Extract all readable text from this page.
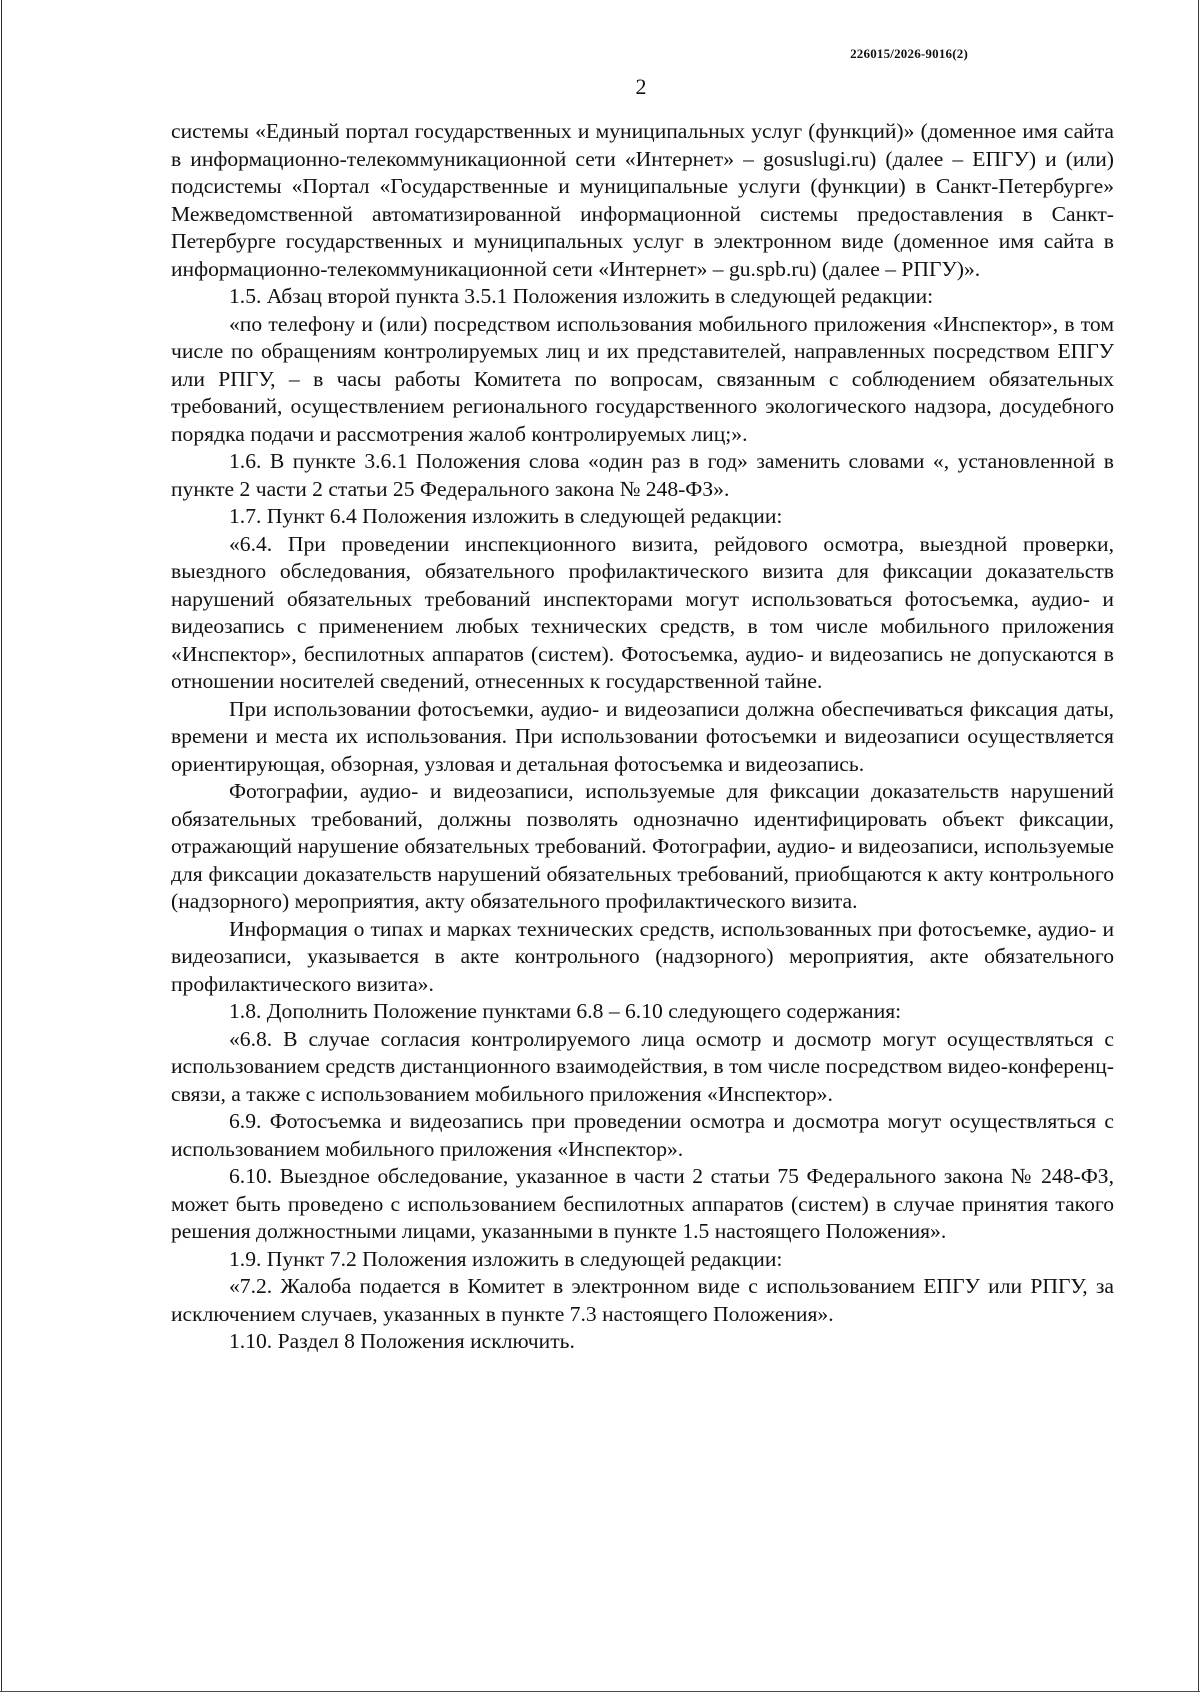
226015/2026-9016(2)
2

системы «Единый портал государственных и муниципальных услуг (функций)» (доменное имя сайта в информационно-телекоммуникационной сети «Интернет» – gosuslugi.ru) (далее – ЕПГУ) и (или) подсистемы «Портал «Государственные и муниципальные услуги (функции) в Санкт-Петербурге» Межведомственной автоматизированной информационной системы предоставления в Санкт-Петербурге государственных и муниципальных услуг в электронном виде (доменное имя сайта в информационно-телекоммуникационной сети «Интернет» – gu.spb.ru) (далее – РПГУ)».

1.5. Абзац второй пункта 3.5.1 Положения изложить в следующей редакции:

«по телефону и (или) посредством использования мобильного приложения «Инспектор», в том числе по обращениям контролируемых лиц и их представителей, направленных посредством ЕПГУ или РПГУ, – в часы работы Комитета по вопросам, связанным с соблюдением обязательных требований, осуществлением регионального государственного экологического надзора, досудебного порядка подачи и рассмотрения жалоб контролируемых лиц;».

1.6. В пункте 3.6.1 Положения слова «один раз в год» заменить словами «, установленной в пункте 2 части 2 статьи 25 Федерального закона № 248-ФЗ».

1.7. Пункт 6.4 Положения изложить в следующей редакции:

«6.4. При проведении инспекционного визита, рейдового осмотра, выездной проверки, выездного обследования, обязательного профилактического визита для фиксации доказательств нарушений обязательных требований инспекторами могут использоваться фотосъемка, аудио- и видеозапись с применением любых технических средств, в том числе мобильного приложения «Инспектор», беспилотных аппаратов (систем). Фотосъемка, аудио- и видеозапись не допускаются в отношении носителей сведений, отнесенных к государственной тайне.

При использовании фотосъемки, аудио- и видеозаписи должна обеспечиваться фиксация даты, времени и места их использования. При использовании фотосъемки и видеозаписи осуществляется ориентирующая, обзорная, узловая и детальная фотосъемка и видеозапись.

Фотографии, аудио- и видеозаписи, используемые для фиксации доказательств нарушений обязательных требований, должны позволять однозначно идентифицировать объект фиксации, отражающий нарушение обязательных требований. Фотографии, аудио- и видеозаписи, используемые для фиксации доказательств нарушений обязательных требований, приобщаются к акту контрольного (надзорного) мероприятия, акту обязательного профилактического визита.

Информация о типах и марках технических средств, использованных при фотосъемке, аудио- и видеозаписи, указывается в акте контрольного (надзорного) мероприятия, акте обязательного профилактического визита».

1.8. Дополнить Положение пунктами 6.8 – 6.10 следующего содержания:

«6.8. В случае согласия контролируемого лица осмотр и досмотр могут осуществляться с использованием средств дистанционного взаимодействия, в том числе посредством видео-конференц-связи, а также с использованием мобильного приложения «Инспектор».

6.9. Фотосъемка и видеозапись при проведении осмотра и досмотра могут осуществляться с использованием мобильного приложения «Инспектор».

6.10. Выездное обследование, указанное в части 2 статьи 75 Федерального закона № 248-ФЗ, может быть проведено с использованием беспилотных аппаратов (систем) в случае принятия такого решения должностными лицами, указанными в пункте 1.5 настоящего Положения».

1.9. Пункт 7.2 Положения изложить в следующей редакции:

«7.2. Жалоба подается в Комитет в электронном виде с использованием ЕПГУ или РПГУ, за исключением случаев, указанных в пункте 7.3 настоящего Положения».

1.10. Раздел 8 Положения исключить.
